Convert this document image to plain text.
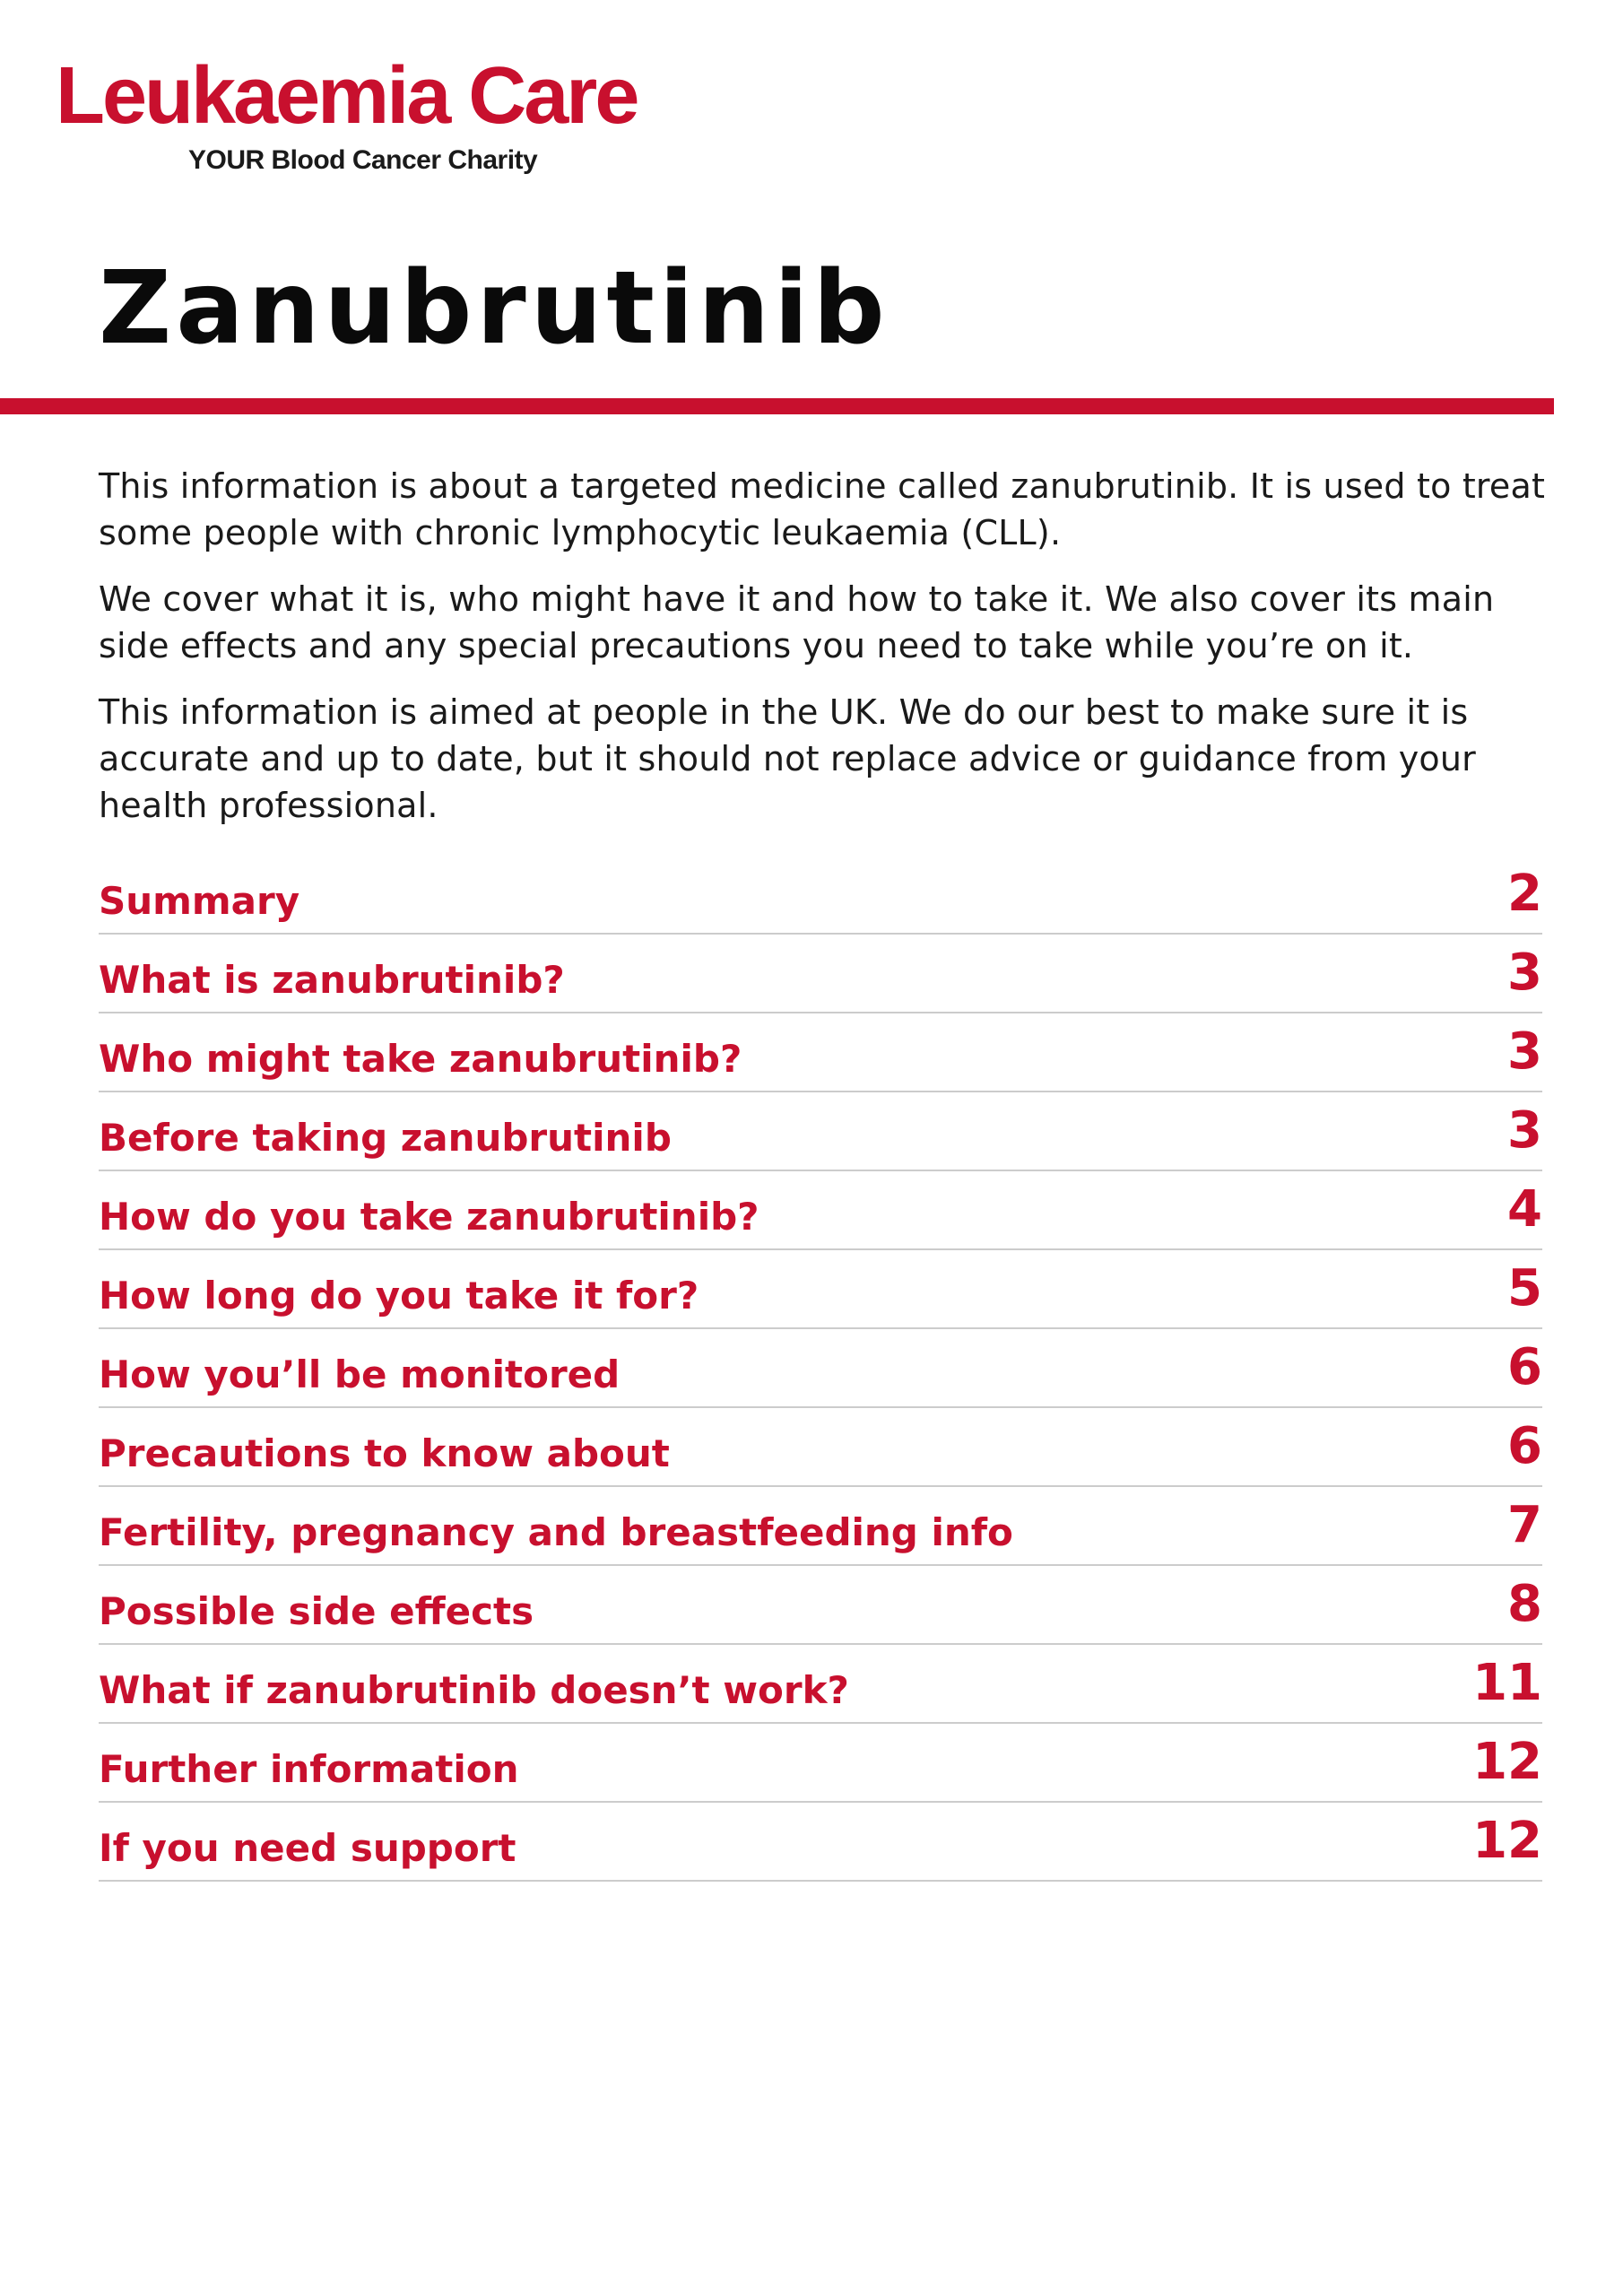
Leukaemia Care
YOUR Blood Cancer Charity
Zanubrutinib

This information is about a targeted medicine called zanubrutinib. It is used to treat some people with chronic lymphocytic leukaemia (CLL).

We cover what it is, who might have it and how to take it. We also cover its main side effects and any special precautions you need to take while you’re on it.

This information is aimed at people in the UK. We do our best to make sure it is accurate and up to date, but it should not replace advice or guidance from your health professional.

Summary	2
What is zanubrutinib?	3
Who might take zanubrutinib?	3
Before taking zanubrutinib	3
How do you take zanubrutinib?	4
How long do you take it for?	5
How you’ll be monitored	6
Precautions to know about	6
Fertility, pregnancy and breastfeeding info	7
Possible side effects	8
What if zanubrutinib doesn’t work?	11
Further information	12
If you need support	12
